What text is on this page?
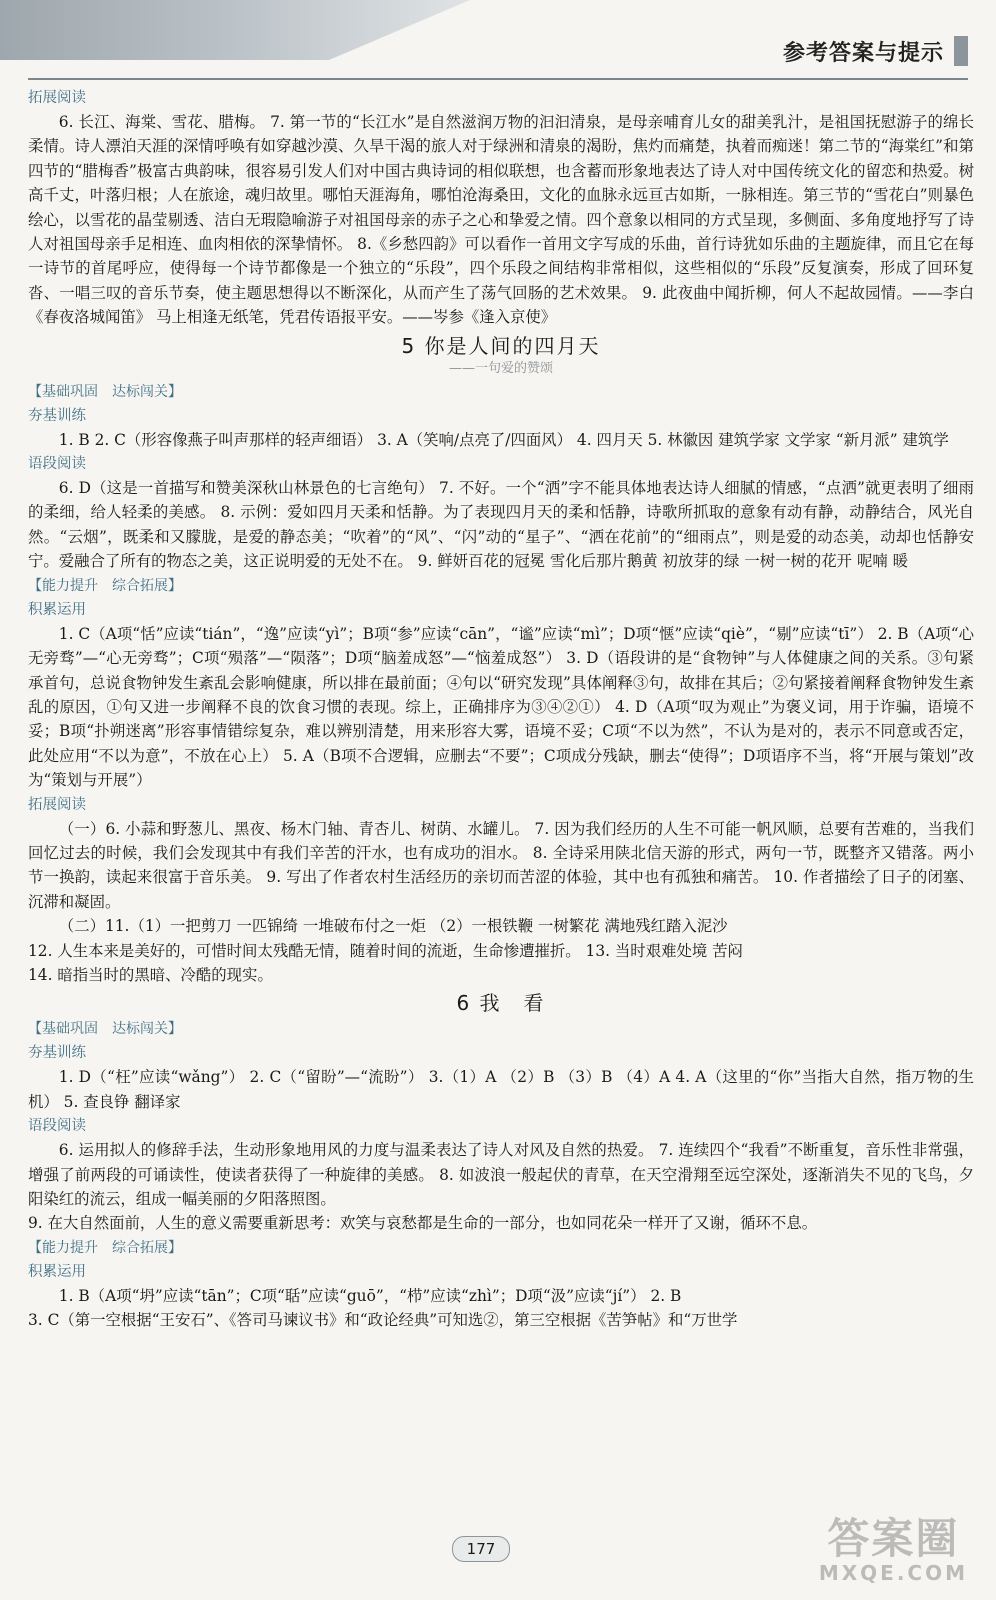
参考答案与提示
拓展阅读

6. 长江、海棠、雪花、腊梅。 7. 第一节的“长江水”是自然滋润万物的汩汩清泉，是母亲哺育儿女的甜美乳汁，是祖国抚慰游子的绵长柔情。诗人漂泊天涯的深情呼唤有如穿越沙漠、久旱干渴的旅人对于绿洲和清泉的渴盼，焦灼而痛楚，执着而痴迷！第二节的“海棠红”和第四节的“腊梅香”极富古典韵味，很容易引发人们对中国古典诗词的相似联想，也含蓄而形象地表达了诗人对中国传统文化的留恋和热爱。树高千丈，叶落归根；人在旅途，魂归故里。哪怕天涯海角，哪怕沧海桑田，文化的血脉永远亘古如斯，一脉相连。第三节的“雪花白”则暴色绘心，以雪花的晶莹剔透、洁白无瑕隐喻游子对祖国母亲的赤子之心和挚爱之情。四个意象以相同的方式呈现，多侧面、多角度地抒写了诗人对祖国母亲手足相连、血肉相依的深挚情怀。 8.《乡愁四韵》可以看作一首用文字写成的乐曲，首行诗犹如乐曲的主题旋律，而且它在每一诗节的首尾呼应，使得每一个诗节都像是一个独立的“乐段”，四个乐段之间结构非常相似，这些相似的“乐段”反复演奏，形成了回环复沓、一唱三叹的音乐节奏，使主题思想得以不断深化，从而产生了荡气回肠的艺术效果。 9. 此夜曲中闻折柳，何人不起故园情。——李白《春夜洛城闻笛》 马上相逢无纸笔，凭君传语报平安。——岑参《逢入京使》

5 你是人间的四月天
——一句爱的赞颂
【基础巩固　达标闯关】
夯基训练

1. B 2. C（形容像燕子叫声那样的轻声细语） 3. A（笑响/点亮了/四面风） 4. 四月天 5. 林徽因 建筑学家 文学家 “新月派” 建筑学

语段阅读

6. D（这是一首描写和赞美深秋山林景色的七言绝句） 7. 不好。一个“洒”字不能具体地表达诗人细腻的情感，“点洒”就更表明了细雨的柔细，给人轻柔的美感。 8. 示例：爱如四月天柔和恬静。为了表现四月天的柔和恬静，诗歌所抓取的意象有动有静，动静结合，风光自然。“云烟”，既柔和又朦胧，是爱的静态美；“吹着”的“风”、“闪”动的“星子”、“洒在花前”的“细雨点”，则是爱的动态美，动却也恬静安宁。爱融合了所有的物态之美，这正说明爱的无处不在。 9. 鲜妍百花的冠冕 雪化后那片鹅黄 初放芽的绿 一树一树的花开 呢喃 暖

【能力提升　综合拓展】
积累运用

1. C（A项“恬”应读“tián”，“逸”应读“yì”；B项“参”应读“cān”，“谧”应读“mì”；D项“惬”应读“qiè”，“剔”应读“tī”） 2. B（A项“心无旁骛”—“心无旁骛”；C项“殒落”—“陨落”；D项“脑羞成怒”—“恼羞成怒”） 3. D（语段讲的是“食物钟”与人体健康之间的关系。③句紧承首句，总说食物钟发生紊乱会影响健康，所以排在最前面；④句以“研究发现”具体阐释③句，故排在其后；②句紧接着阐释食物钟发生紊乱的原因，①句又进一步阐释不良的饮食习惯的表现。综上，正确排序为③④②①） 4. D（A项“叹为观止”为褒义词，用于诈骗，语境不妥；B项“扑朔迷离”形容事情错综复杂，难以辨别清楚，用来形容大雾，语境不妥；C项“不以为然”，不认为是对的，表示不同意或否定，此处应用“不以为意”，不放在心上） 5. A（B项不合逻辑，应删去“不要”；C项成分残缺，删去“使得”；D项语序不当，将“开展与策划”改为“策划与开展”）

拓展阅读

（一）6. 小蒜和野葱儿、黑夜、杨木门轴、青杏儿、树荫、水罐儿。 7. 因为我们经历的人生不可能一帆风顺，总要有苦难的，当我们回忆过去的时候，我们会发现其中有我们辛苦的汗水，也有成功的泪水。 8. 全诗采用陕北信天游的形式，两句一节，既整齐又错落。两小节一换韵，读起来很富于音乐美。 9. 写出了作者农村生活经历的亲切而苦涩的体验，其中也有孤独和痛苦。 10. 作者描绘了日子的闭塞、沉滞和凝固。

（二）11.（1）一把剪刀 一匹锦绮 一堆破布付之一炬 （2）一根铁鞭 一树繁花 满地残红踏入泥沙

12. 人生本来是美好的，可惜时间太残酷无情，随着时间的流逝，生命惨遭摧折。 13. 当时艰难处境 苦闷

14. 暗指当时的黑暗、冷酷的现实。

6 我　看
【基础巩固　达标闯关】
夯基训练

1. D（“枉”应读“wǎng”） 2. C（“留盼”—“流盼”） 3.（1）A （2）B （3）B （4）A 4. A（这里的“你”当指大自然，指万物的生机） 5. 查良铮 翻译家

语段阅读

6. 运用拟人的修辞手法，生动形象地用风的力度与温柔表达了诗人对风及自然的热爱。 7. 连续四个“我看”不断重复，音乐性非常强，增强了前两段的可诵读性，使读者获得了一种旋律的美感。 8. 如波浪一般起伏的青草，在天空滑翔至远空深处，逐渐消失不见的飞鸟，夕阳染红的流云，组成一幅美丽的夕阳落照图。

9. 在大自然面前，人生的意义需要重新思考：欢笑与哀愁都是生命的一部分，也如同花朵一样开了又谢，循环不息。

【能力提升　综合拓展】
积累运用

1. B（A项“坍”应读“tān”；C项“聒”应读“guō”，“栉”应读“zhì”；D项“汲”应读“jí”） 2. B

3. C（第一空根据“王安石”、《答司马谏议书》和“政论经典”可知选②，第三空根据《苦笋帖》和“万世学

177	答案圈
MXQE.COM
